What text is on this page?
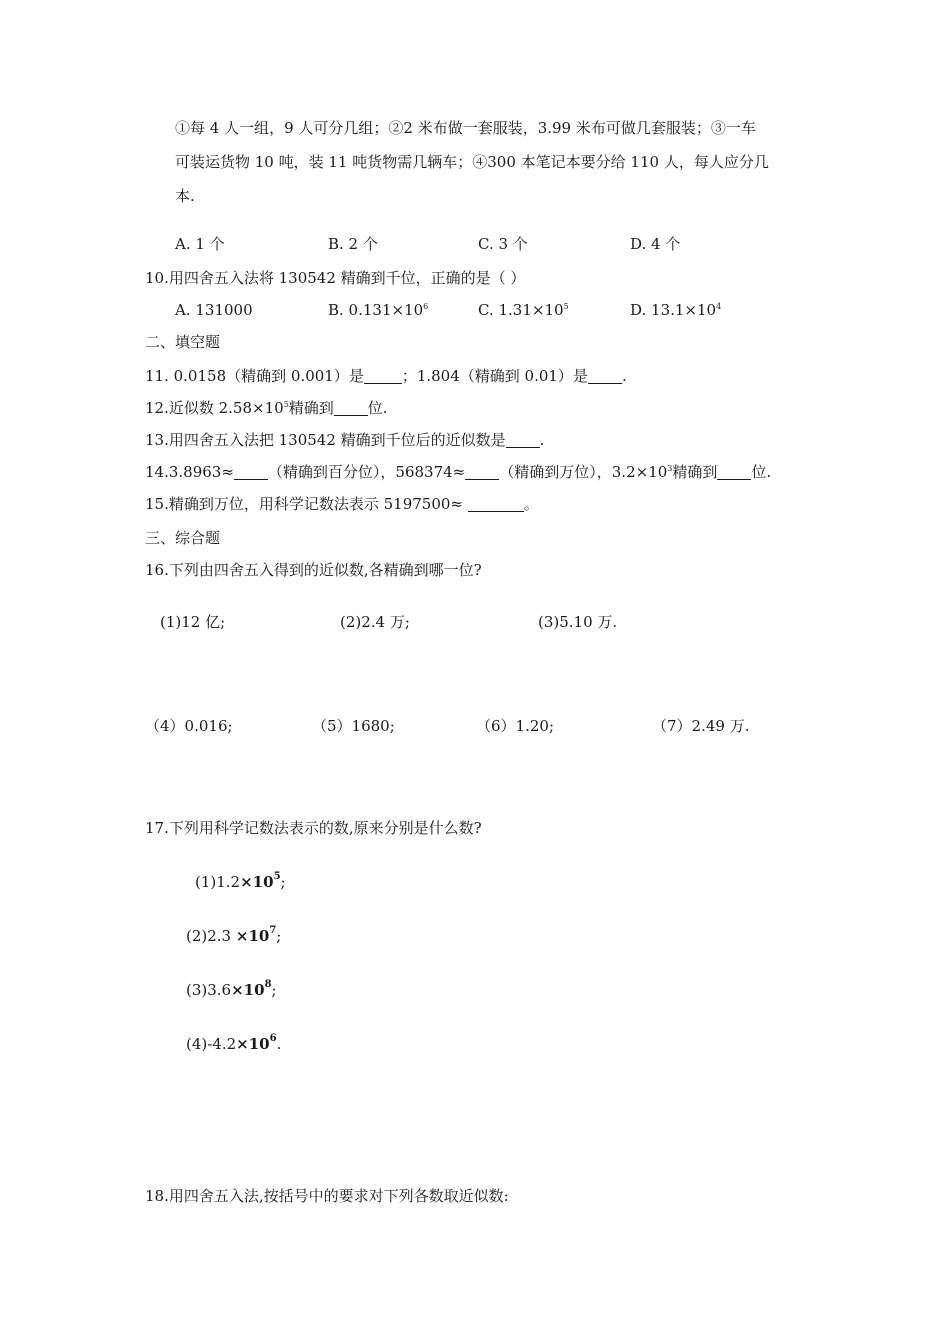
①每 4 人一组，9 人可分几组；②2 米布做一套服装，3.99 米布可做几套服装；③一车
可装运货物 10 吨，装 11 吨货物需几辆车；④300 本笔记本要分给 110 人，每人应分几
本.
A. 1 个	B. 2 个	C. 3 个	D. 4 个
10.用四舍五入法将 130542 精确到千位，正确的是（ ）
A. 131000	B. $0.131\times 10^6$	C. $1.31\times 10^5$	D. $13.1\times 10^4$
二、填空题
11. 0.0158（精确到 0.001）是	；1.804（精确到 0.01）是 .
12.近似数 $2.58\times 10^5$精确到 位.
13.用四舍五入法把 130542 精确到千位后的近似数是 .
14.3.8963≈ （精确到百分位），568374≈ （精确到万位），$3.2\times 10^3$精确到 位.
15.精确到万位，用科学记数法表示 5197500≈	。
三、综合题
16.下列由四舍五入得到的近似数,各精确到哪一位?
(1)12 亿;	(2)2.4 万;	(3)5.10 万.
（4）0.016;	（5）1680;	（6）1.20;	（7）2.49 万.
17.下列用科学记数法表示的数,原来分别是什么数?
$(1)1.2\times 10^5$;
$(2)2.3 \times 10^7$;
$(3)3.6\times 10^8$;
$(4)-4.2\times 10^6$.
18.用四舍五入法,按括号中的要求对下列各数取近似数:
